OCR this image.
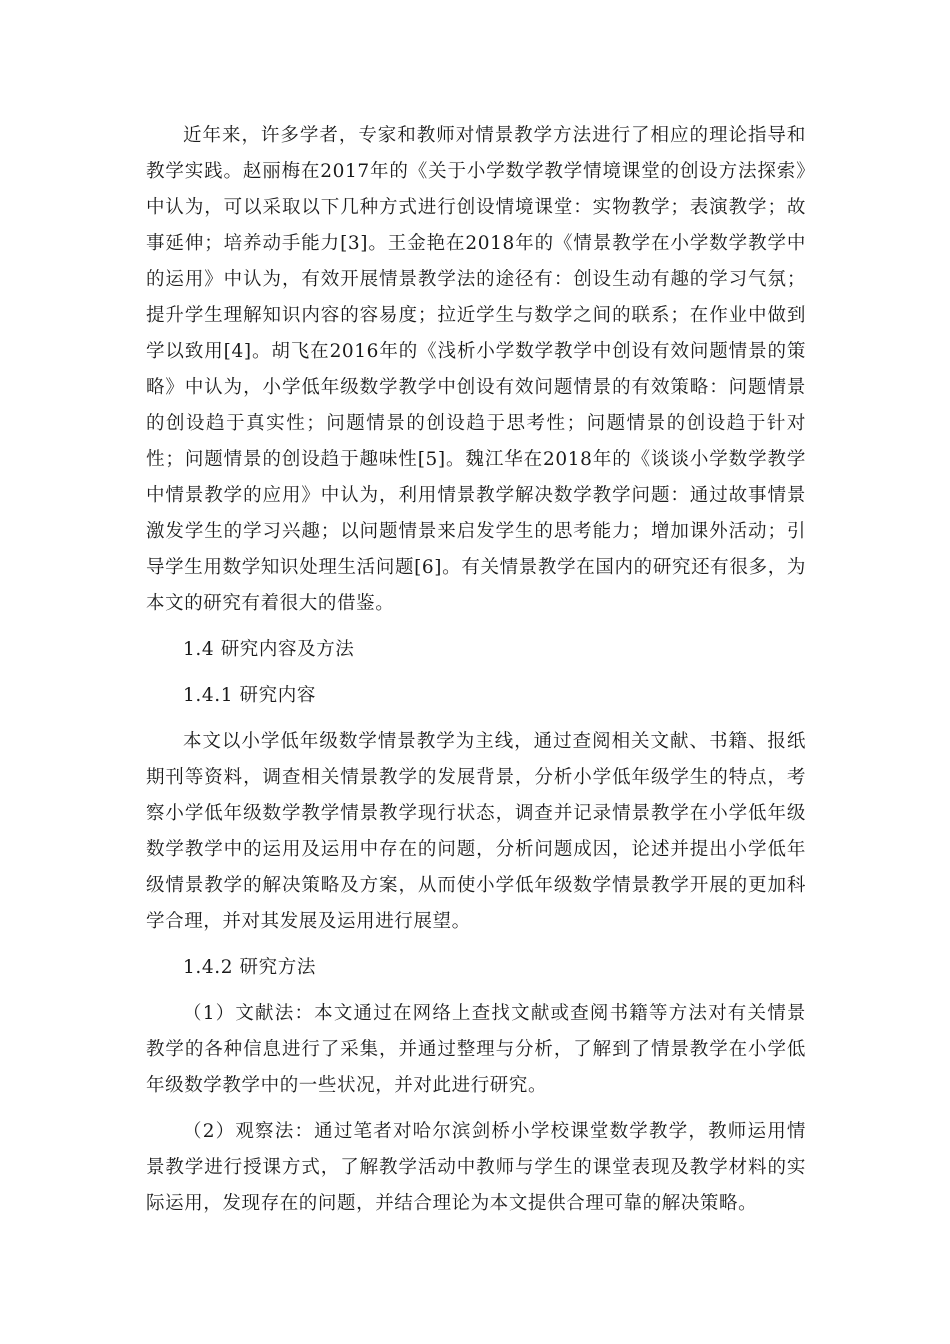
近年来，许多学者，专家和教师对情景教学方法进行了相应的理论指导和教学实践。赵丽梅在2017年的《关于小学数学教学情境课堂的创设方法探索》中认为，可以采取以下几种方式进行创设情境课堂：实物教学；表演教学；故事延伸；培养动手能力[3]。王金艳在2018年的《情景教学在小学数学教学中的运用》中认为，有效开展情景教学法的途径有：创设生动有趣的学习气氛；提升学生理解知识内容的容易度；拉近学生与数学之间的联系；在作业中做到学以致用[4]。胡飞在2016年的《浅析小学数学教学中创设有效问题情景的策略》中认为，小学低年级数学教学中创设有效问题情景的有效策略：问题情景的创设趋于真实性；问题情景的创设趋于思考性；问题情景的创设趋于针对性；问题情景的创设趋于趣味性[5]。魏江华在2018年的《谈谈小学数学教学中情景教学的应用》中认为，利用情景教学解决数学教学问题：通过故事情景激发学生的学习兴趣；以问题情景来启发学生的思考能力；增加课外活动；引导学生用数学知识处理生活问题[6]。有关情景教学在国内的研究还有很多，为本文的研究有着很大的借鉴。

1.4 研究内容及方法

1.4.1 研究内容

本文以小学低年级数学情景教学为主线，通过查阅相关文献、书籍、报纸期刊等资料，调查相关情景教学的发展背景，分析小学低年级学生的特点，考察小学低年级数学教学情景教学现行状态，调查并记录情景教学在小学低年级数学教学中的运用及运用中存在的问题，分析问题成因，论述并提出小学低年级情景教学的解决策略及方案，从而使小学低年级数学情景教学开展的更加科学合理，并对其发展及运用进行展望。

1.4.2 研究方法

（1）文献法：本文通过在网络上查找文献或查阅书籍等方法对有关情景教学的各种信息进行了采集，并通过整理与分析，了解到了情景教学在小学低年级数学教学中的一些状况，并对此进行研究。

（2）观察法：通过笔者对哈尔滨剑桥小学校课堂数学教学，教师运用情景教学进行授课方式，了解教学活动中教师与学生的课堂表现及教学材料的实际运用，发现存在的问题，并结合理论为本文提供合理可靠的解决策略。
